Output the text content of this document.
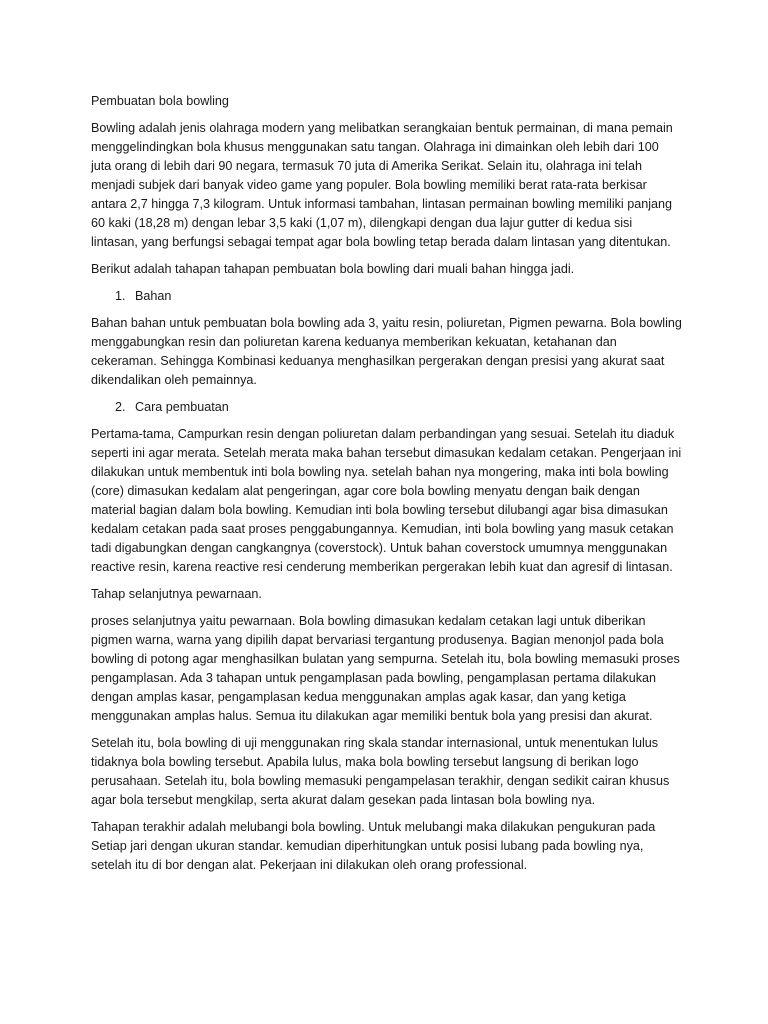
Pembuatan bola bowling

Bowling adalah jenis olahraga modern yang melibatkan serangkaian bentuk permainan, di mana pemain menggelindingkan bola khusus menggunakan satu tangan. Olahraga ini dimainkan oleh lebih dari 100 juta orang di lebih dari 90 negara, termasuk 70 juta di Amerika Serikat. Selain itu, olahraga ini telah menjadi subjek dari banyak video game yang populer. Bola bowling memiliki berat rata-rata berkisar antara 2,7 hingga 7,3 kilogram. Untuk informasi tambahan, lintasan permainan bowling memiliki panjang 60 kaki (18,28 m) dengan lebar 3,5 kaki (1,07 m), dilengkapi dengan dua lajur gutter di kedua sisi lintasan, yang berfungsi sebagai tempat agar bola bowling tetap berada dalam lintasan yang ditentukan.

Berikut adalah tahapan tahapan pembuatan bola bowling dari muali bahan hingga jadi.

1. Bahan

Bahan bahan untuk pembuatan bola bowling ada 3, yaitu resin, poliuretan, Pigmen pewarna. Bola bowling menggabungkan resin dan poliuretan karena keduanya memberikan kekuatan, ketahanan dan cekeraman. Sehingga Kombinasi keduanya menghasilkan pergerakan dengan presisi yang akurat saat dikendalikan oleh pemainnya.

2. Cara pembuatan

Pertama-tama, Campurkan resin dengan poliuretan dalam perbandingan yang sesuai. Setelah itu diaduk seperti ini agar merata. Setelah merata maka bahan tersebut dimasukan kedalam cetakan. Pengerjaan ini dilakukan untuk membentuk inti bola bowling nya. setelah bahan nya mongering, maka inti bola bowling (core) dimasukan kedalam alat pengeringan, agar core bola bowling menyatu dengan baik dengan material bagian dalam bola bowling. Kemudian inti bola bowling tersebut dilubangi agar bisa dimasukan kedalam cetakan pada saat proses penggabungannya. Kemudian, inti bola bowling yang masuk cetakan tadi digabungkan dengan cangkangnya (coverstock). Untuk bahan coverstock umumnya menggunakan reactive resin, karena reactive resi cenderung memberikan pergerakan lebih kuat dan agresif di lintasan.

Tahap selanjutnya pewarnaan.

proses selanjutnya yaitu pewarnaan. Bola bowling dimasukan kedalam cetakan lagi untuk diberikan pigmen warna, warna yang dipilih dapat bervariasi tergantung produsenya. Bagian menonjol pada bola bowling di potong agar menghasilkan bulatan yang sempurna. Setelah itu, bola bowling memasuki proses pengamplasan. Ada 3 tahapan untuk pengamplasan pada bowling, pengamplasan pertama dilakukan dengan amplas kasar, pengamplasan kedua menggunakan amplas agak kasar, dan yang ketiga menggunakan amplas halus. Semua itu dilakukan agar memiliki bentuk bola yang presisi dan akurat.

Setelah itu, bola bowling di uji menggunakan ring skala standar internasional, untuk menentukan lulus tidaknya bola bowling tersebut. Apabila lulus, maka bola bowling tersebut langsung di berikan logo perusahaan. Setelah itu, bola bowling memasuki pengampelasan terakhir, dengan sedikit cairan khusus agar bola tersebut mengkilap, serta akurat dalam gesekan pada lintasan bola bowling nya.

Tahapan terakhir adalah melubangi bola bowling. Untuk melubangi maka dilakukan pengukuran pada Setiap jari dengan ukuran standar. kemudian diperhitungkan untuk posisi lubang pada bowling nya, setelah itu di bor dengan alat. Pekerjaan ini dilakukan oleh orang professional.
